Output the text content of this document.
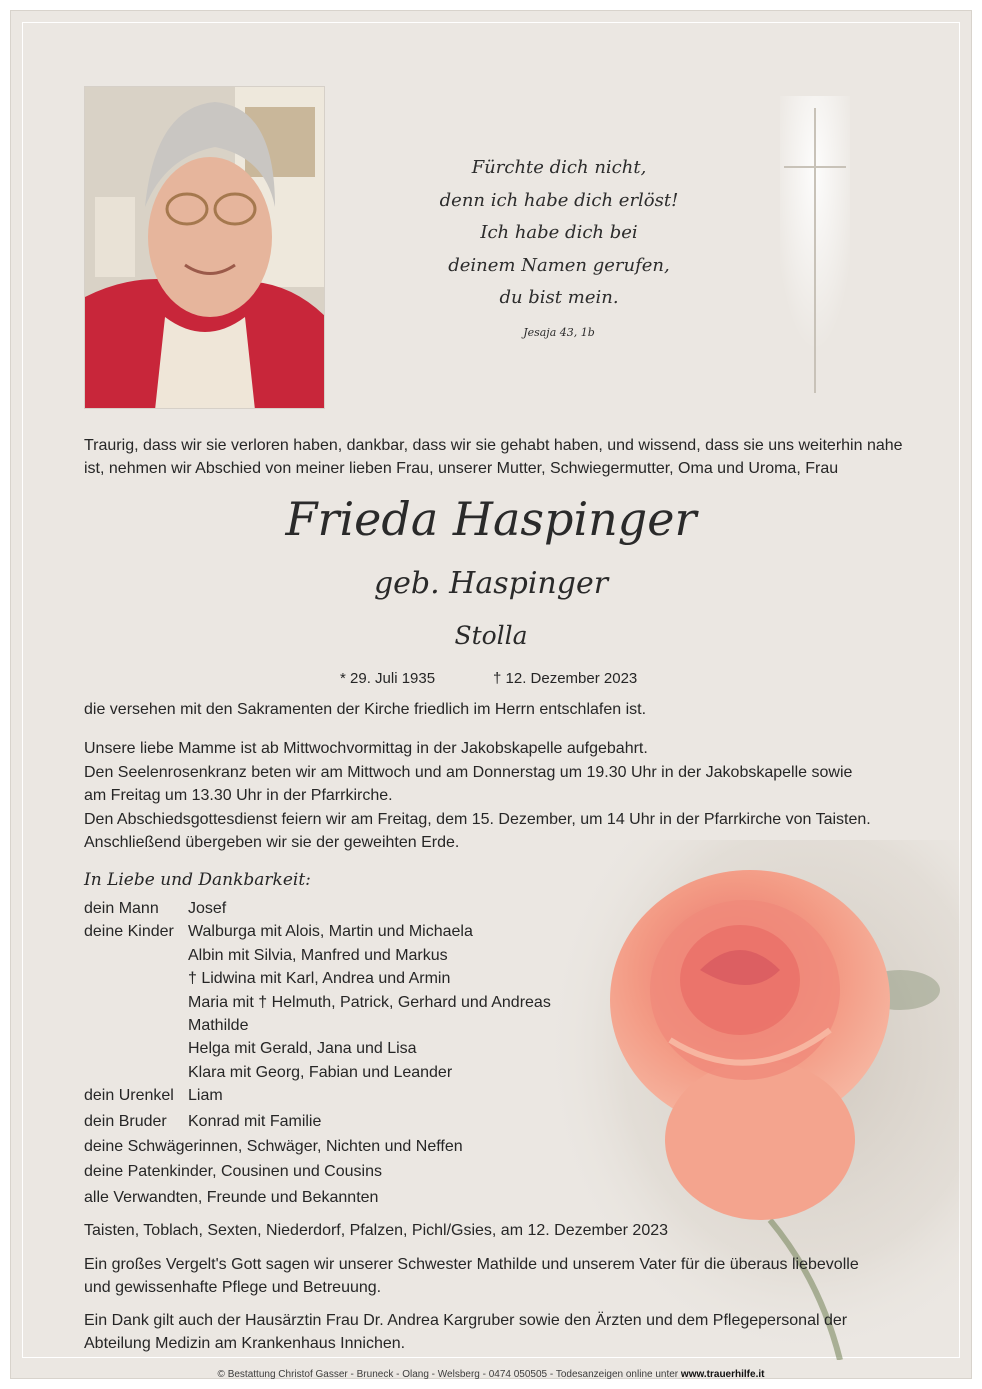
Fürchte dich nicht,
denn ich habe dich erlöst!
Ich habe dich bei
deinem Namen gerufen,
du bist mein.
Jesaja 43, 1b
Traurig, dass wir sie verloren haben, dankbar, dass wir sie gehabt haben, und wissend, dass sie uns weiterhin nahe
ist, nehmen wir Abschied von meiner lieben Frau, unserer Mutter, Schwiegermutter, Oma und Uroma, Frau
Frieda Haspinger
geb. Haspinger
Stolla
* 29. Juli 1935	† 12. Dezember 2023
die versehen mit den Sakramenten der Kirche friedlich im Herrn entschlafen ist.
Unsere liebe Mamme ist ab Mittwochvormittag in der Jakobskapelle aufgebahrt.
Den Seelenrosenkranz beten wir am Mittwoch und am Donnerstag um 19.30 Uhr in der Jakobskapelle sowie
am Freitag um 13.30 Uhr in der Pfarrkirche.
Den Abschiedsgottesdienst feiern wir am Freitag, dem 15. Dezember, um 14 Uhr in der Pfarrkirche von Taisten.
Anschließend übergeben wir sie der geweihten Erde.
In Liebe und Dankbarkeit:
dein Mann	Josef
deine Kinder Walburga mit Alois, Martin und Michaela
Albin mit Silvia, Manfred und Markus
† Lidwina mit Karl, Andrea und Armin
Maria mit † Helmuth, Patrick, Gerhard und Andreas
Mathilde
Helga mit Gerald, Jana und Lisa
Klara mit Georg, Fabian und Leander
dein Urenkel Liam
dein Bruder	Konrad mit Familie
deine Schwägerinnen, Schwäger, Nichten und Neffen
deine Patenkinder, Cousinen und Cousins
alle Verwandten, Freunde und Bekannten
Taisten, Toblach, Sexten, Niederdorf, Pfalzen, Pichl/Gsies, am 12. Dezember 2023
Ein großes Vergelt's Gott sagen wir unserer Schwester Mathilde und unserem Vater für die überaus liebevolle
und gewissenhafte Pflege und Betreuung.
Ein Dank gilt auch der Hausärztin Frau Dr. Andrea Kargruber sowie den Ärzten und dem Pflegepersonal der
Abteilung Medizin am Krankenhaus Innichen.
© Bestattung Christof Gasser - Bruneck - Olang - Welsberg - 0474 050505 - Todesanzeigen online unter www.trauerhilfe.it
